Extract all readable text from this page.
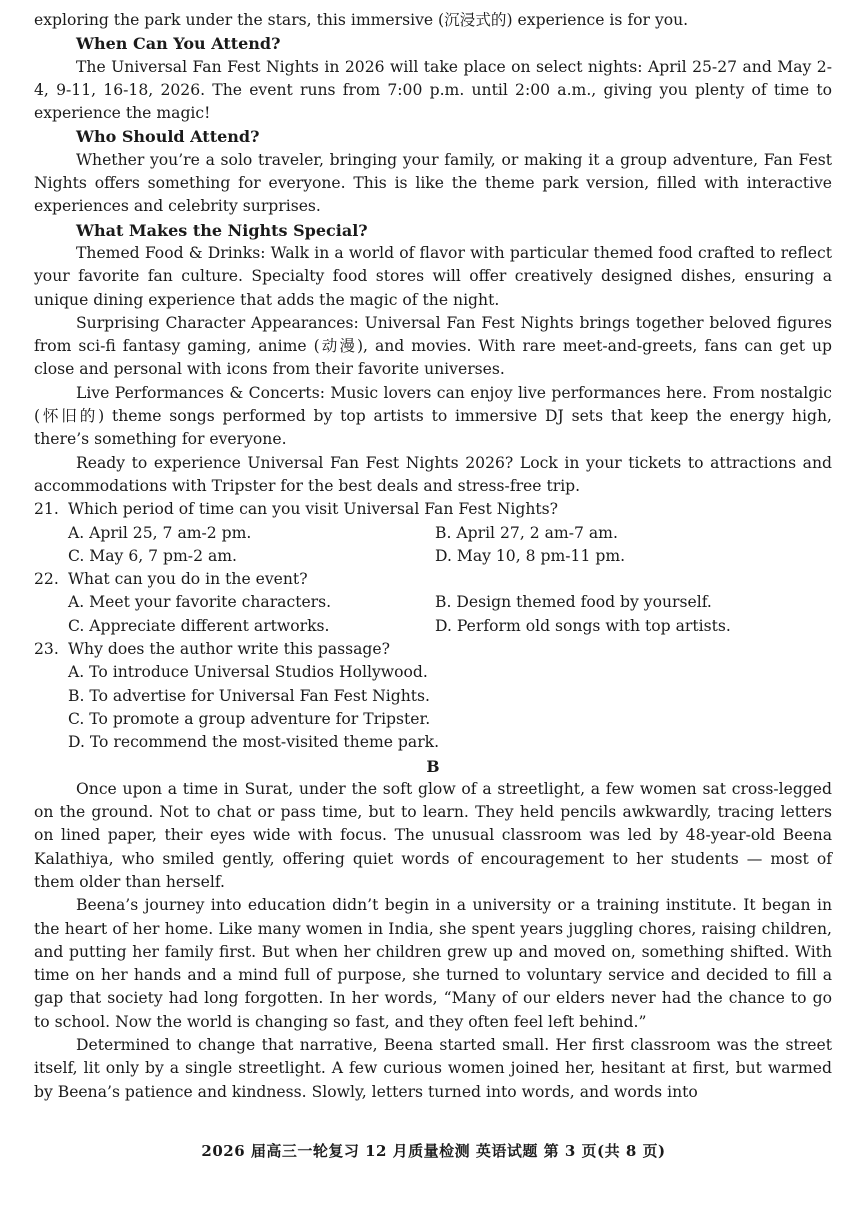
exploring the park under the stars, this immersive (沉浸式的) experience is for you.

When Can You Attend?

The Universal Fan Fest Nights in 2026 will take place on select nights: April 25-27 and May 2-4, 9-11, 16-18, 2026. The event runs from 7:00 p.m. until 2:00 a.m., giving you plenty of time to experience the magic!

Who Should Attend?

Whether you’re a solo traveler, bringing your family, or making it a group adventure, Fan Fest Nights offers something for everyone. This is like the theme park version, filled with interactive experiences and celebrity surprises.

What Makes the Nights Special?

Themed Food & Drinks: Walk in a world of flavor with particular themed food crafted to reflect your favorite fan culture. Specialty food stores will offer creatively designed dishes, ensuring a unique dining experience that adds the magic of the night.

Surprising Character Appearances: Universal Fan Fest Nights brings together beloved figures from sci-fi fantasy gaming, anime (动漫), and movies. With rare meet-and-greets, fans can get up close and personal with icons from their favorite universes.

Live Performances & Concerts: Music lovers can enjoy live performances here. From nostalgic (怀旧的) theme songs performed by top artists to immersive DJ sets that keep the energy high, there’s something for everyone.

Ready to experience Universal Fan Fest Nights 2026? Lock in your tickets to attractions and accommodations with Tripster for the best deals and stress-free trip.

21. Which period of time can you visit Universal Fan Fest Nights?

A. April 25, 7 am-2 pm.	B. April 27, 2 am-7 am.
C. May 6, 7 pm-2 am.	D. May 10, 8 pm-11 pm.

22. What can you do in the event?

A. Meet your favorite characters.	B. Design themed food by yourself.
C. Appreciate different artworks.	D. Perform old songs with top artists.

23. Why does the author write this passage?

A. To introduce Universal Studios Hollywood.

B. To advertise for Universal Fan Fest Nights.

C. To promote a group adventure for Tripster.

D. To recommend the most-visited theme park.

B

Once upon a time in Surat, under the soft glow of a streetlight, a few women sat cross-legged on the ground. Not to chat or pass time, but to learn. They held pencils awkwardly, tracing letters on lined paper, their eyes wide with focus. The unusual classroom was led by 48-year-old Beena Kalathiya, who smiled gently, offering quiet words of encouragement to her students — most of them older than herself.

Beena’s journey into education didn’t begin in a university or a training institute. It began in the heart of her home. Like many women in India, she spent years juggling chores, raising children, and putting her family first. But when her children grew up and moved on, something shifted. With time on her hands and a mind full of purpose, she turned to voluntary service and decided to fill a gap that society had long forgotten. In her words, “Many of our elders never had the chance to go to school. Now the world is changing so fast, and they often feel left behind.”

Determined to change that narrative, Beena started small. Her first classroom was the street itself, lit only by a single streetlight. A few curious women joined her, hesitant at first, but warmed by Beena’s patience and kindness. Slowly, letters turned into words, and words into

2026 届高三一轮复习 12 月质量检测 英语试题 第 3 页(共 8 页)
